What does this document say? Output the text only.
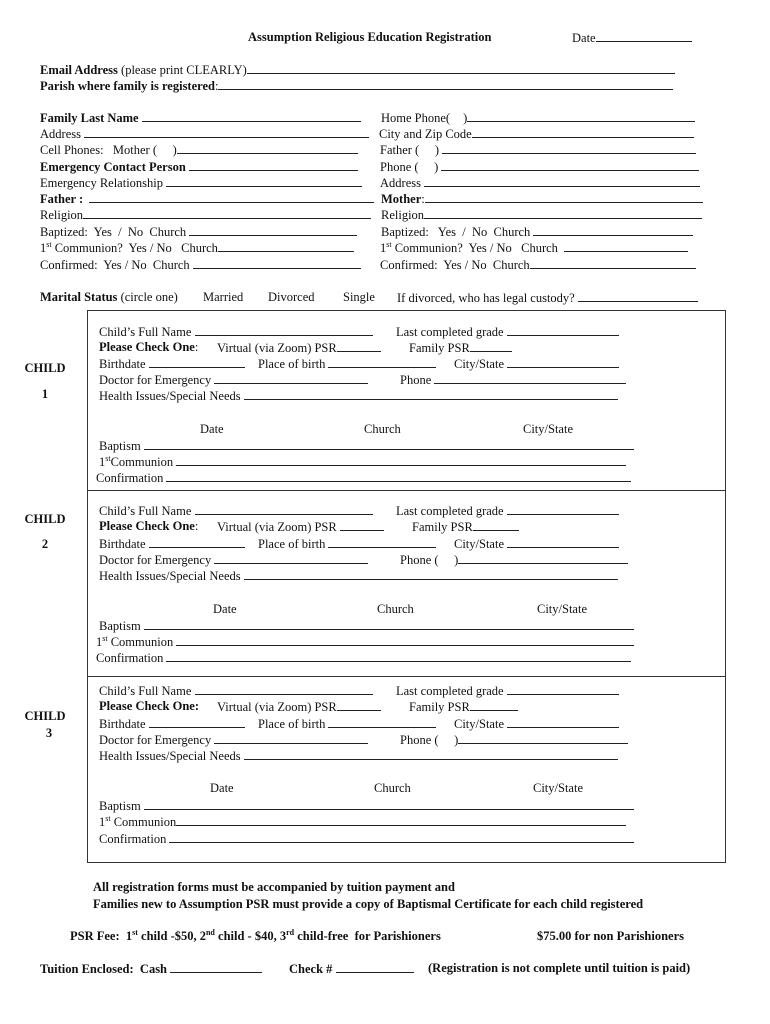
Assumption Religious Education Registration	Date
Email Address (please print CLEARLY)
Parish where family is registered:
Family Last Name	Home Phone( )
Address	City and Zip Code
Cell Phones:   Mother (     )	Father (     )
Emergency Contact Person	Phone (     )
Emergency Relationship	Address
Father :	Mother:
Religion	Religion
Baptized:  Yes  /  No  Church	Baptized:   Yes  /  No  Church
1st Communion?  Yes / No   Church	1st Communion?  Yes / No   Church
Confirmed:  Yes / No  Church	Confirmed:  Yes / No  Church
Marital Status (circle one) Married Divorced Single If divorced, who has legal custody?
CHILD
1
Child’s Full Name	Last completed grade
Please Check One: Virtual (via Zoom) PSR	Family PSR
Birthdate	Place of birth	City/State
Doctor for Emergency	Phone
Health Issues/Special Needs
Date	Church	City/State
Baptism
1stCommunion
Confirmation
CHILD
2
Child’s Full Name	Last completed grade
Please Check One: Virtual (via Zoom) PSR	Family PSR
Birthdate	Place of birth	City/State
Doctor for Emergency	Phone (     )
Health Issues/Special Needs
Date	Church	City/State
Baptism
1st Communion
Confirmation
CHILD
3
Child’s Full Name	Last completed grade
Please Check One: Virtual (via Zoom) PSR	Family PSR
Birthdate	Place of birth	City/State
Doctor for Emergency	Phone (     )
Health Issues/Special Needs
Date	Church	City/State
Baptism
1st Communion
Confirmation
All registration forms must be accompanied by tuition payment and
Families new to Assumption PSR must provide a copy of Baptismal Certificate for each child registered
PSR Fee:  1st child -$50, 2nd child - $40, 3rd child-free  for Parishioners	$75.00 for non Parishioners
Tuition Enclosed:  Cash	Check #	(Registration is not complete until tuition is paid)
